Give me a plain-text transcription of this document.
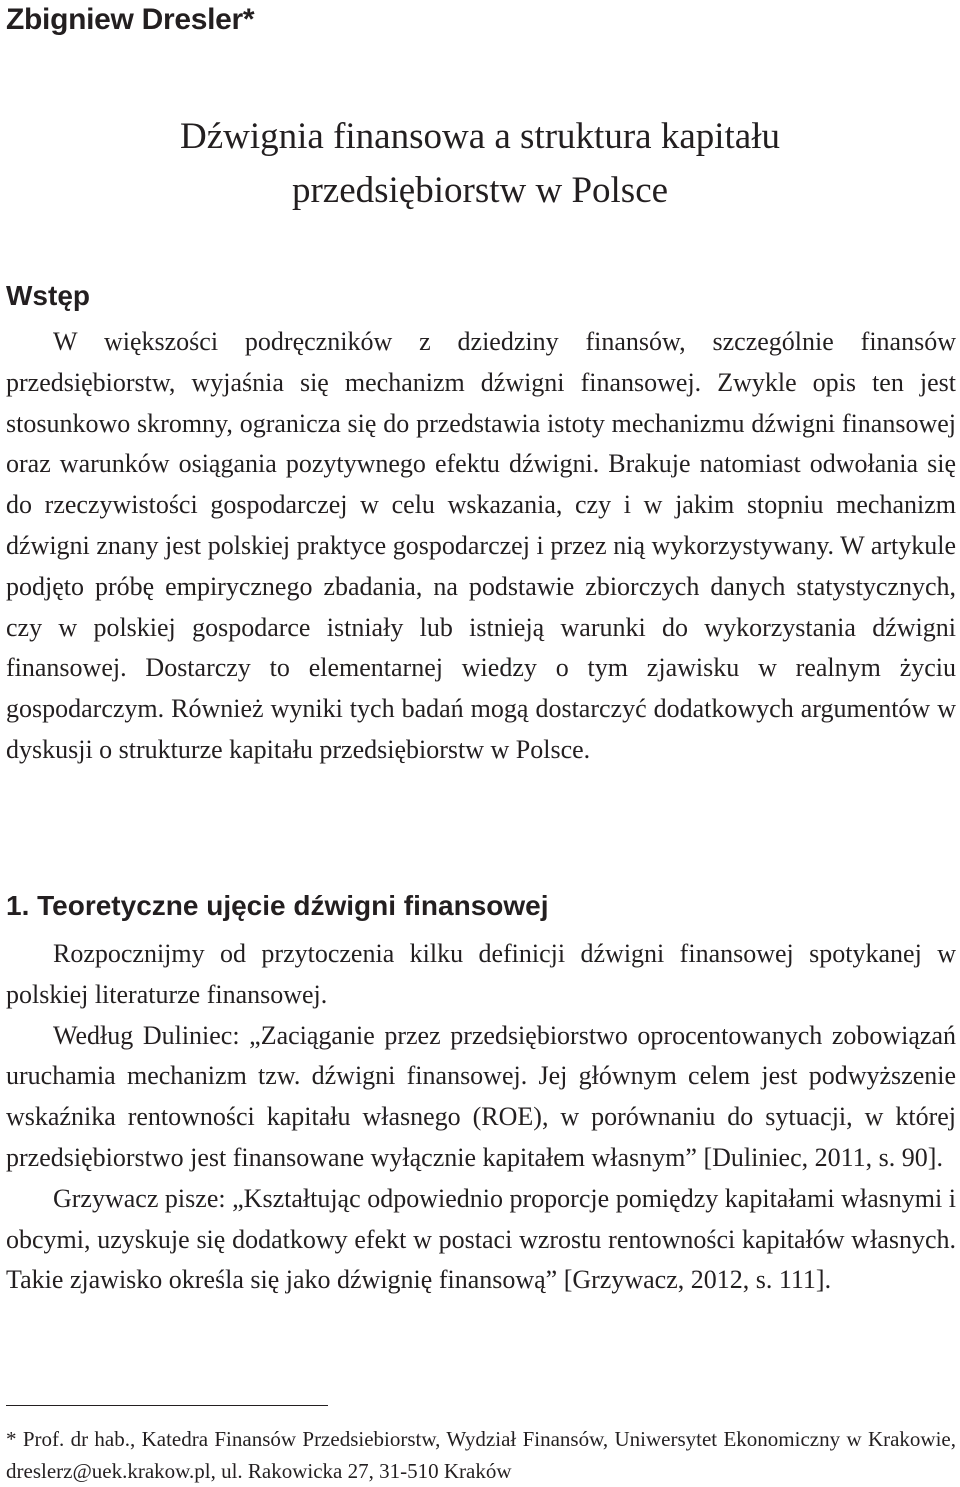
Zbigniew Dresler*
Dźwignia finansowa a struktura kapitału
przedsiębiorstw w Polsce
Wstęp

W większości podręczników z dziedziny finansów, szczególnie finansów przedsiębiorstw, wyjaśnia się mechanizm dźwigni finansowej. Zwykle opis ten jest stosunkowo skromny, ogranicza się do przedstawia istoty mechanizmu dźwigni finansowej oraz warunków osiągania pozytywnego efektu dźwigni. Brakuje natomiast odwołania się do rzeczywistości gospodarczej w celu wskazania, czy i w jakim stopniu mechanizm dźwigni znany jest polskiej praktyce gospodarczej i przez nią wykorzystywany. W artykule podjęto próbę empirycznego zbadania, na podstawie zbiorczych danych statystycznych, czy w polskiej gospodarce istniały lub istnieją warunki do wykorzystania dźwigni finansowej. Dostarczy to elementarnej wiedzy o tym zjawisku w realnym życiu gospodarczym. Również wyniki tych badań mogą dostarczyć dodatkowych argumentów w dyskusji o strukturze kapitału przedsiębiorstw w Polsce.

1. Teoretyczne ujęcie dźwigni finansowej

Rozpocznijmy od przytoczenia kilku definicji dźwigni finansowej spotykanej w polskiej literaturze finansowej.

Według Duliniec: „Zaciąganie przez przedsiębiorstwo oprocentowanych zobowiązań uruchamia mechanizm tzw. dźwigni finansowej. Jej głównym celem jest podwyższenie wskaźnika rentowności kapitału własnego (ROE), w porównaniu do sytuacji, w której przedsiębiorstwo jest finansowane wyłącznie kapitałem własnym” [Duliniec, 2011, s. 90].

Grzywacz pisze: „Kształtując odpowiednio proporcje pomiędzy kapitałami własnymi i obcymi, uzyskuje się dodatkowy efekt w postaci wzrostu rentowności kapitałów własnych. Takie zjawisko określa się jako dźwignię finansową” [Grzywacz, 2012, s. 111].

* Prof. dr hab., Katedra Finansów Przedsiebiorstw, Wydział Finansów, Uniwersytet Ekonomiczny w Krakowie, dreslerz@uek.krakow.pl, ul. Rakowicka 27, 31-510 Kraków
